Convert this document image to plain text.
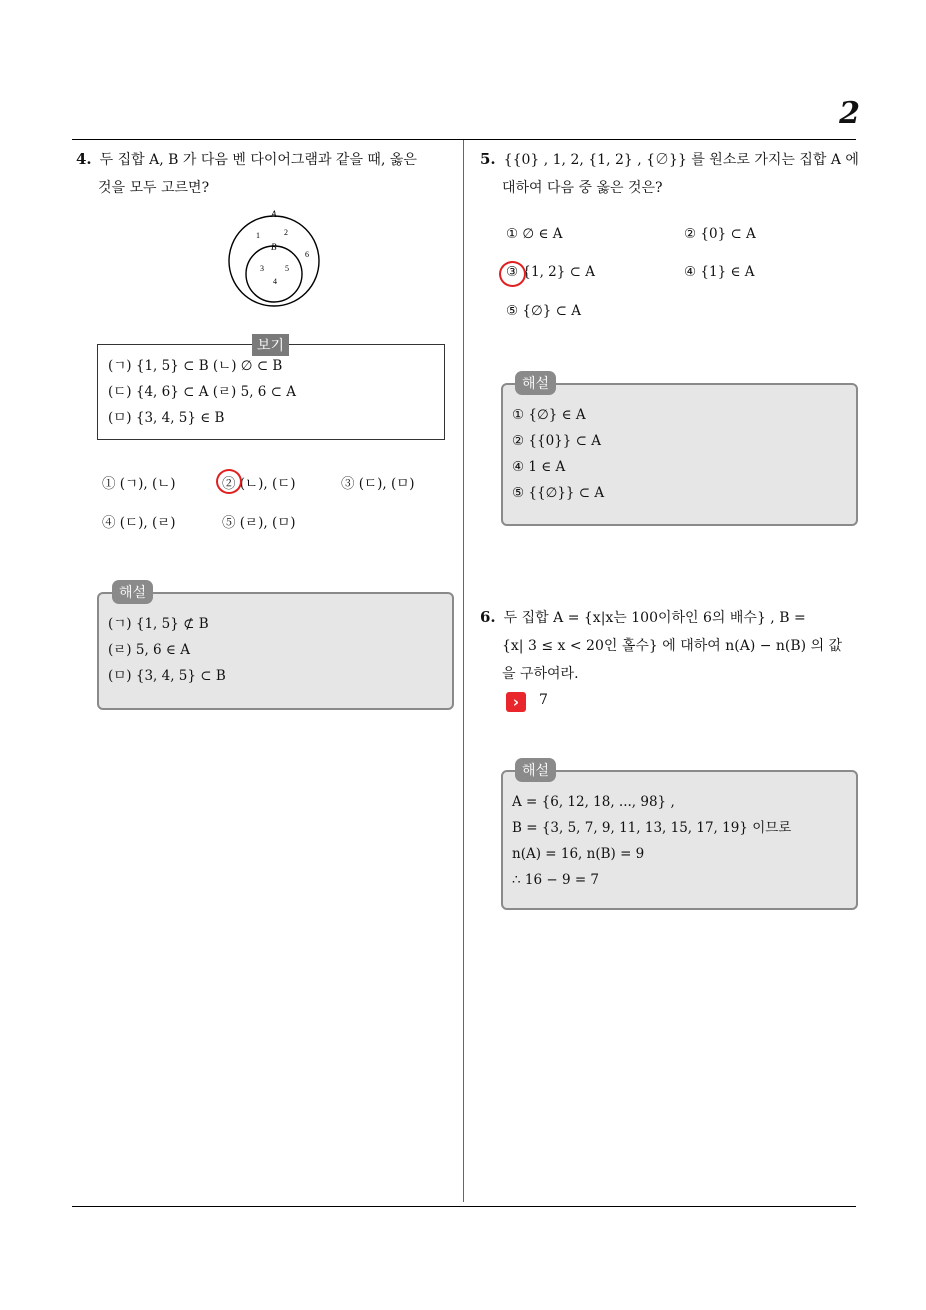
2
4. 두 집합 A, B 가 다음 벤 다이어그램과 같을 때, 옳은
것을 모두 고르면?
A
B
1	2
6
3	5
4
보기
(ㄱ) {1, 5} ⊂ B (ㄴ) ∅ ⊂ B
(ㄷ) {4, 6} ⊂ A (ㄹ) 5, 6 ⊂ A
(ㅁ) {3, 4, 5} ∈ B
① (ㄱ), (ㄴ)	② (ㄴ), (ㄷ)	③ (ㄷ), (ㅁ)
④ (ㄷ), (ㄹ)	⑤ (ㄹ), (ㅁ)
해설
(ㄱ) {1, 5} ⊄ B
(ㄹ) 5, 6 ∈ A
(ㅁ) {3, 4, 5} ⊂ B
5. {{0} , 1, 2, {1, 2} , {∅}} 를 원소로 가지는 집합 A 에
대하여 다음 중 옳은 것은?
① ∅ ∈ A	② {0} ⊂ A
③ {1, 2} ⊂ A	④ {1} ∈ A
⑤ {∅} ⊂ A
해설
① {∅} ∈ A
② {{0}} ⊂ A
④ 1 ∈ A
⑤ {{∅}} ⊂ A
6. 두 집합 A = {x|x는 100이하인 6의 배수} , B =
{x| 3 ≤ x < 20인 홀수} 에 대하여 n(A) − n(B) 의 값
을 구하여라.
›	7
해설
A = {6, 12, 18, ..., 98} ,
B = {3, 5, 7, 9, 11, 13, 15, 17, 19} 이므로
n(A) = 16, n(B) = 9
∴ 16 − 9 = 7
